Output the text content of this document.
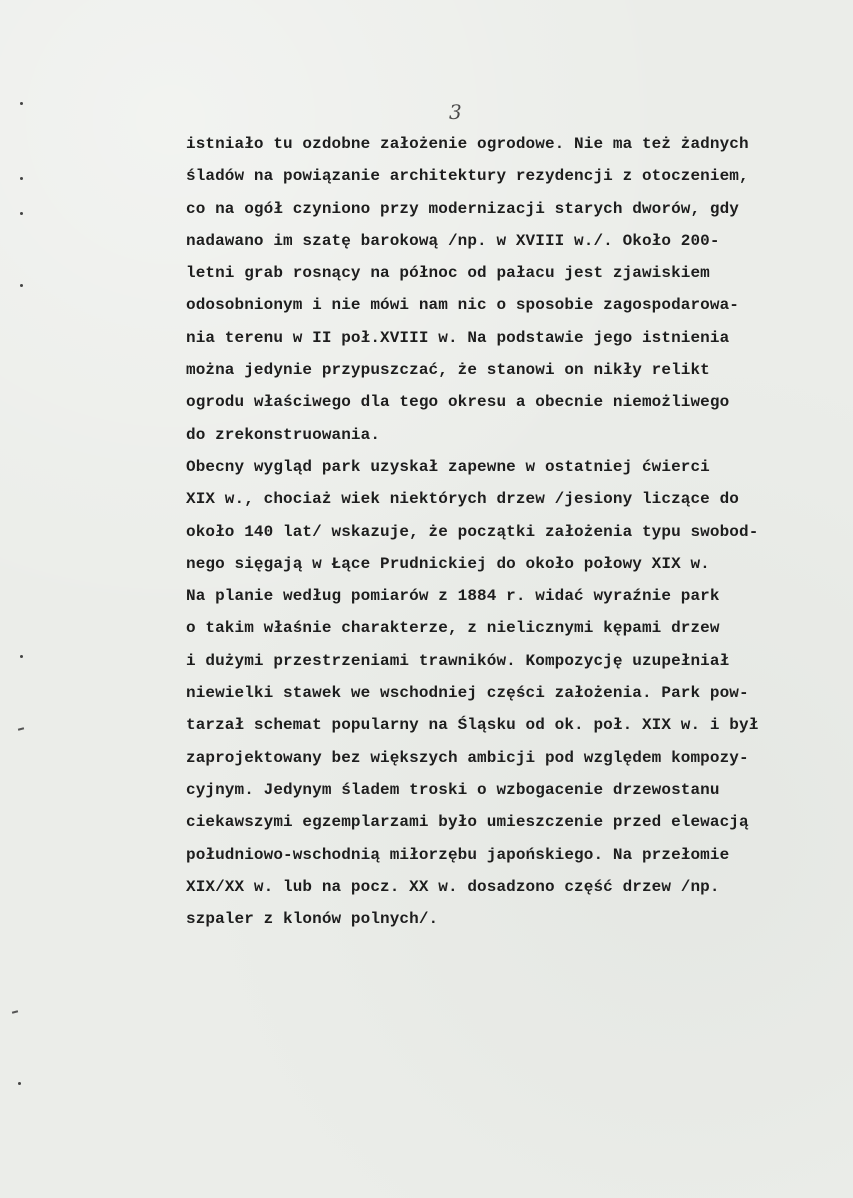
3
istniało tu ozdobne założenie ogrodowe. Nie ma też żadnych
śladów na powiązanie architektury rezydencji z otoczeniem,
co na ogół czyniono przy modernizacji starych dworów, gdy
nadawano im szatę barokową /np. w XVIII w./. Około 200-
letni grab rosnący na północ od pałacu jest zjawiskiem
odosobnionym i nie mówi nam nic o sposobie zagospodarowa-
nia terenu w II poł.XVIII w. Na podstawie jego istnienia
można jedynie przypuszczać, że stanowi on nikły relikt
ogrodu właściwego dla tego okresu a obecnie niemożliwego
do zrekonstruowania.
Obecny wygląd park uzyskał zapewne w ostatniej ćwierci
XIX w., chociaż wiek niektórych drzew /jesiony liczące do
około 140 lat/ wskazuje, że początki założenia typu swobod-
nego sięgają w Łące Prudnickiej do około połowy XIX w.
Na planie według pomiarów z 1884 r. widać wyraźnie park
o takim właśnie charakterze, z nielicznymi kępami drzew
i dużymi przestrzeniami trawników. Kompozycję uzupełniał
niewielki stawek we wschodniej części założenia. Park pow-
tarzał schemat popularny na Śląsku od ok. poł. XIX w. i był
zaprojektowany bez większych ambicji pod względem kompozy-
cyjnym. Jedynym śladem troski o wzbogacenie drzewostanu
ciekawszymi egzemplarzami było umieszczenie przed elewacją
południowo-wschodnią miłorzębu japońskiego. Na przełomie
XIX/XX w. lub na pocz. XX w. dosadzono część drzew /np.
szpaler z klonów polnych/.
